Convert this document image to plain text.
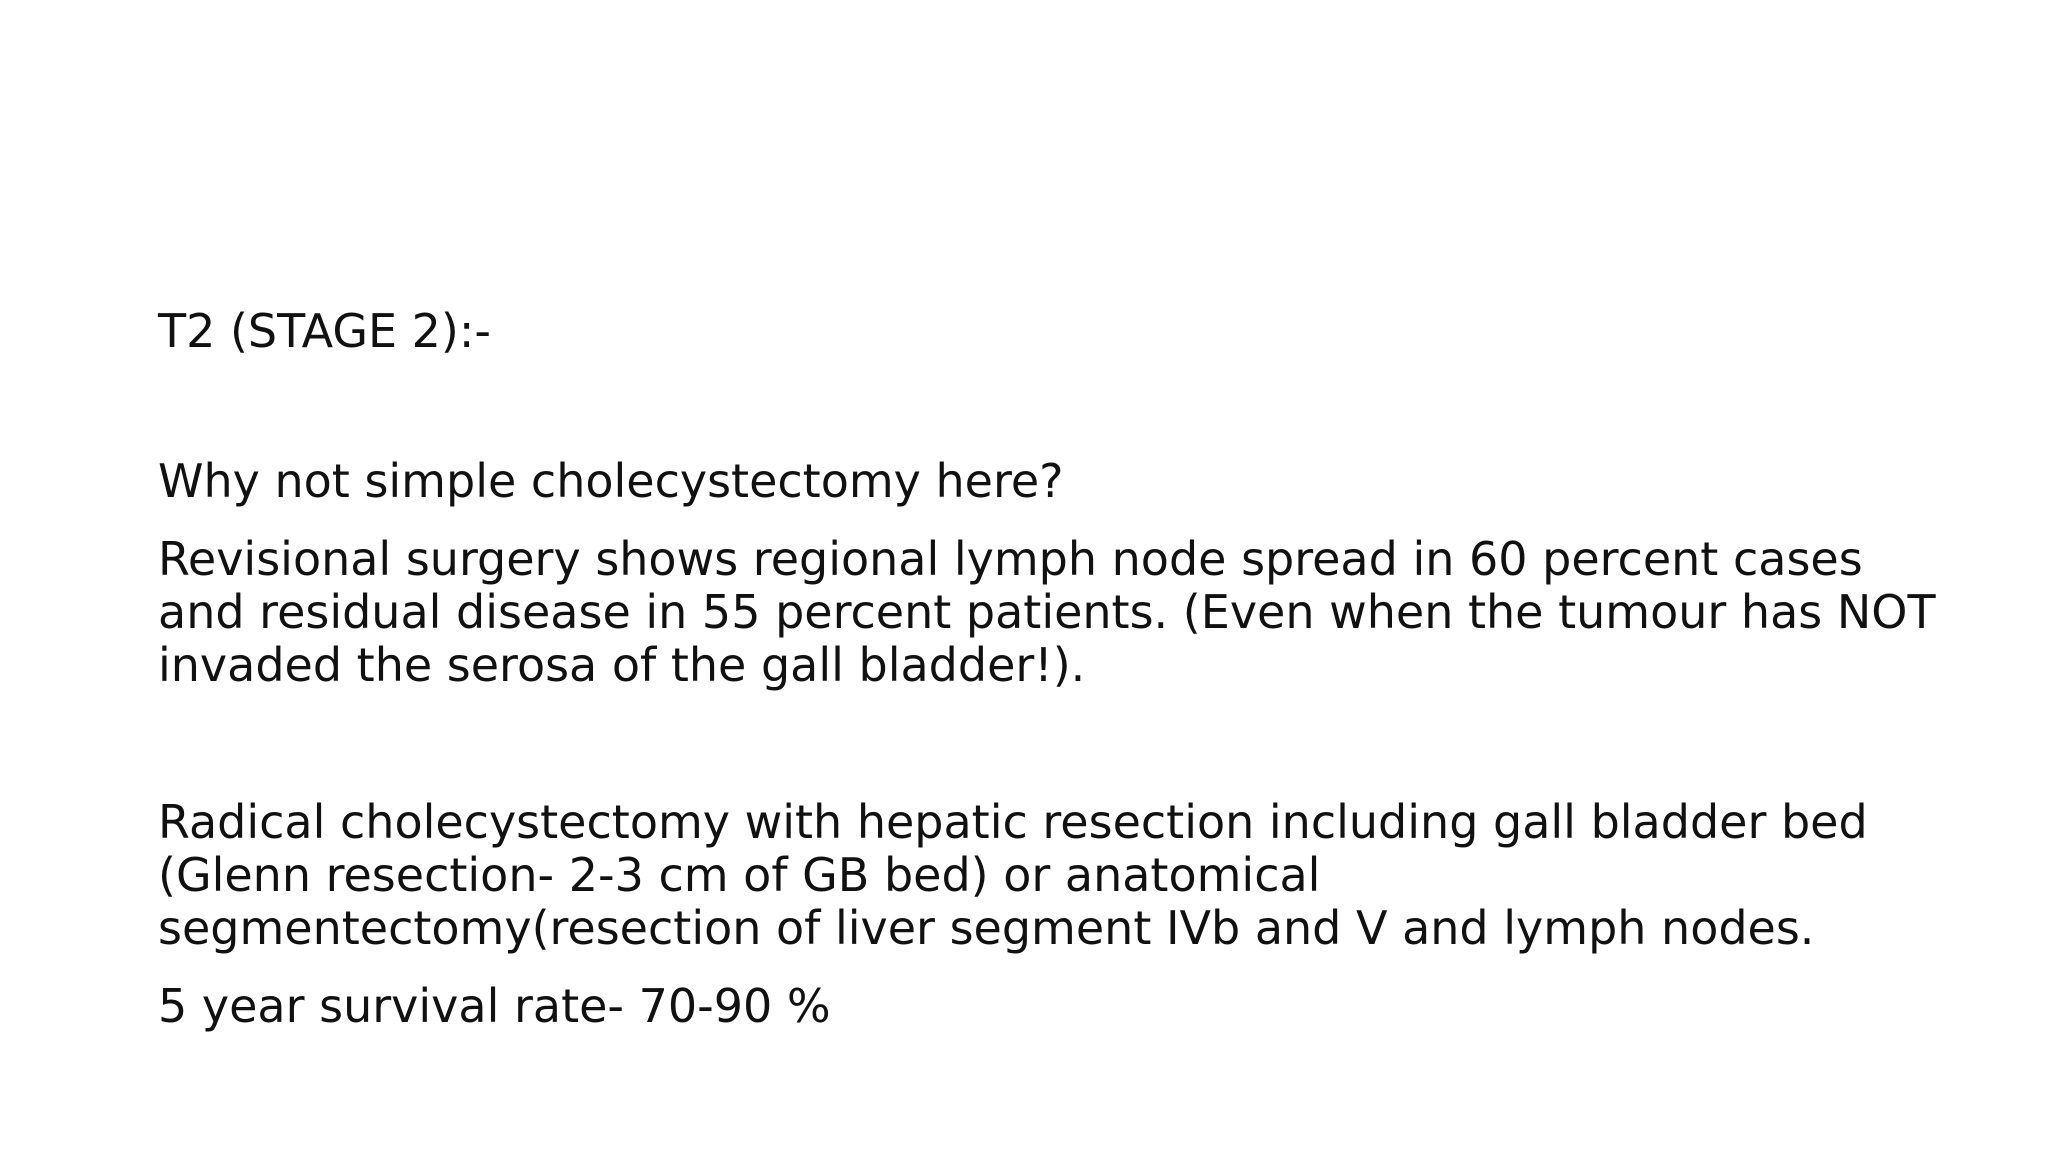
T2 (STAGE 2):-

Why not simple cholecystectomy here?

Revisional surgery shows regional lymph node spread in 60 percent cases
and residual disease in 55 percent patients. (Even when the tumour has NOT
invaded the serosa of the gall bladder!).

Radical cholecystectomy with hepatic resection including gall bladder bed
(Glenn resection- 2-3 cm of GB bed) or anatomical
segmentectomy(resection of liver segment IVb and V and lymph nodes.

5 year survival rate- 70-90 %
